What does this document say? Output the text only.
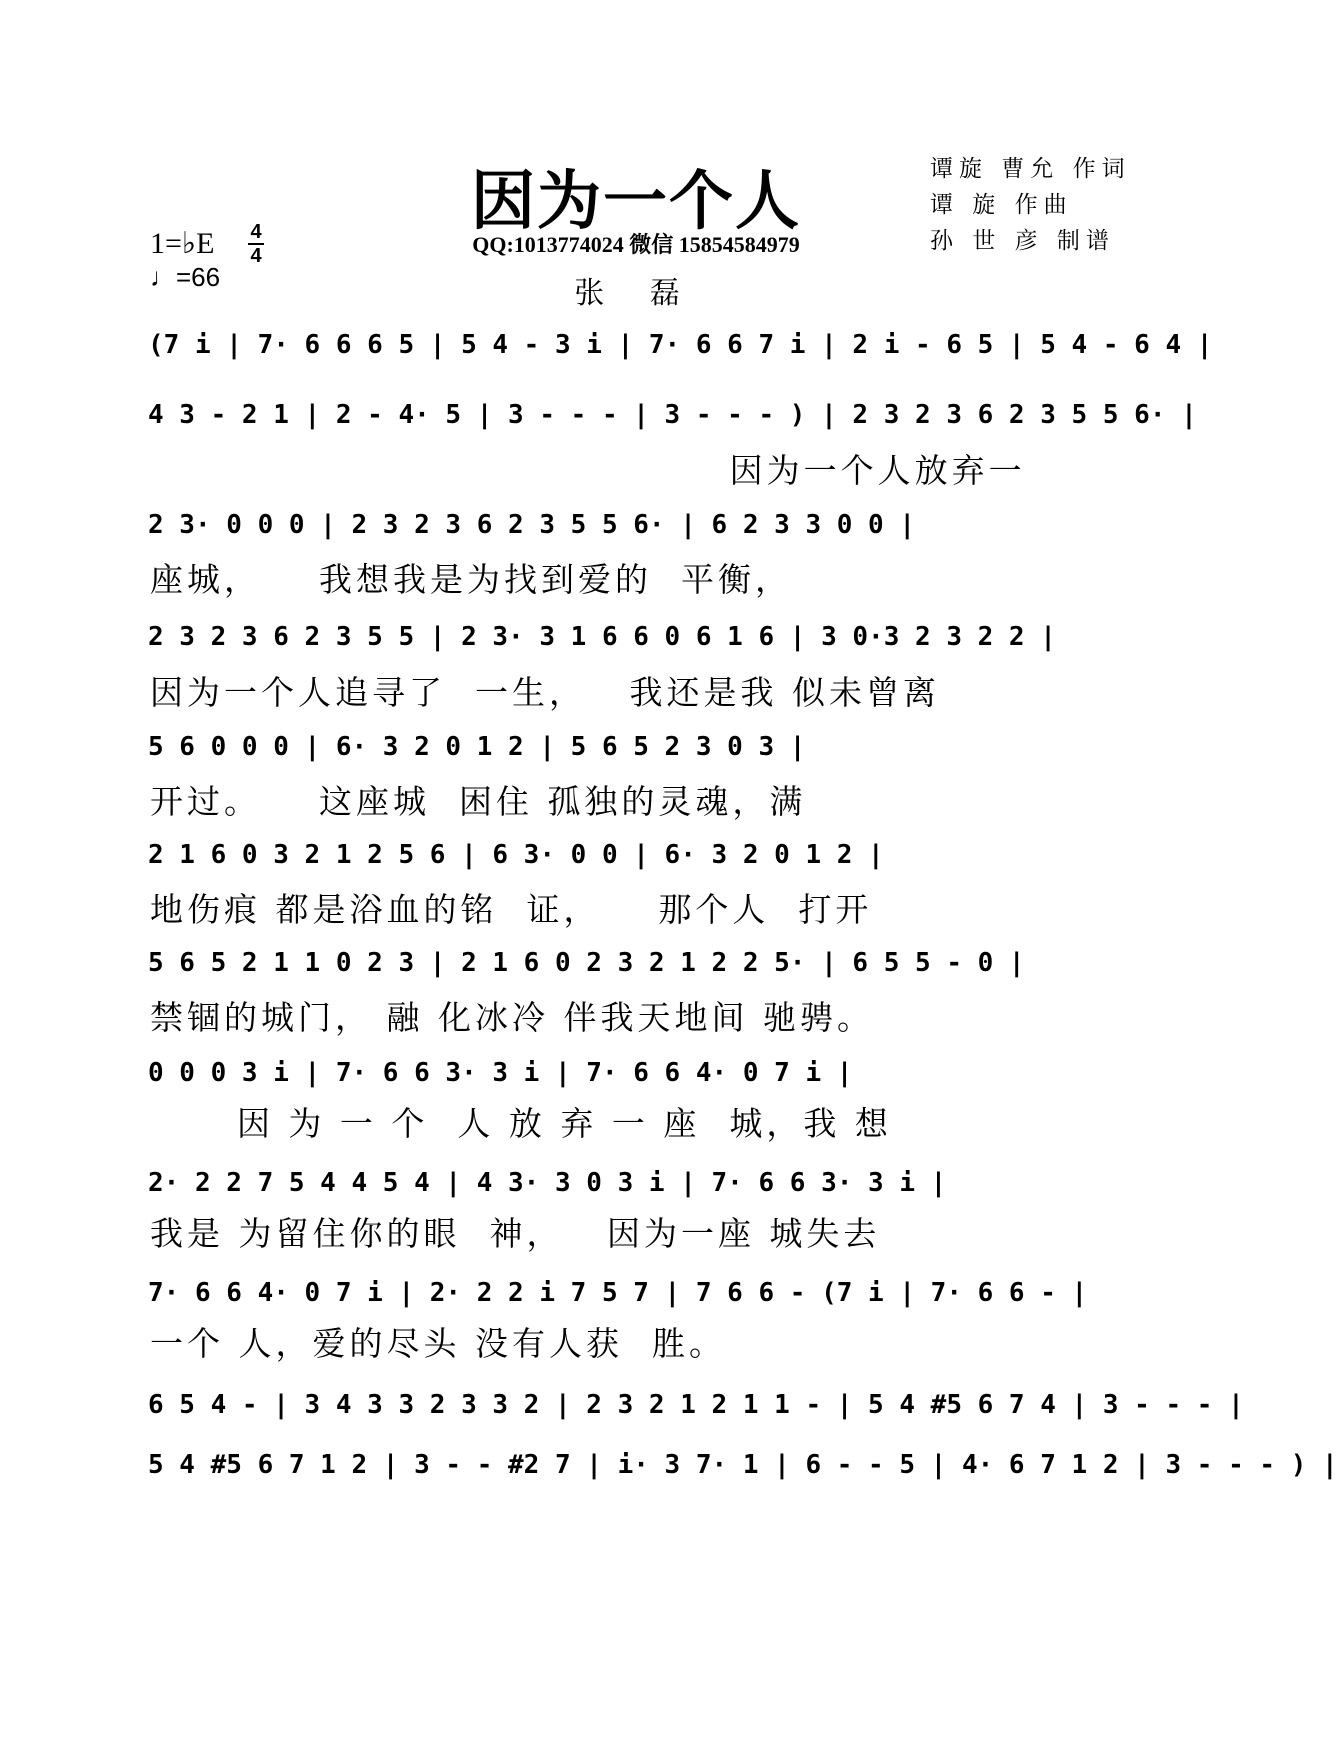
因为一个人
QQ:1013774024 微信 15854584979
张 磊
谭旋 曹允 作词
谭 旋 作曲
孙 世 彦 制谱
1=♭E 4
4
♩=66
(7 i | 7· 6 6 6 5 | 5 4 - 3 i | 7· 6 6 7 i | 2 i - 6 5 | 5 4 - 6 4 |
4 3 - 2 1 | 2 - 4· 5 | 3 - - - | 3 - - - ) | 2 3 2 3 6 2 3 5 5 6· |
因为一个人放弃一
2 3· 0 0 0 | 2 3 2 3 6 2 3 5 5 6· | 6 2 3 3 0 0 |
座城，    我想我是为找到爱的  平衡，
2 3 2 3 6 2 3 5 5 | 2 3· 3 1 6 6 0 6 1 6 | 3 0·3 2 3 2 2 |
因为一个人追寻了  一生，   我还是我 似未曾离
5 6 0 0 0 | 6· 3 2 0 1 2 | 5 6 5 2 3 0 3 |
开过。    这座城  困住 孤独的灵魂，满
2 1 6 0 3 2 1 2 5 6 | 6 3· 0 0 | 6· 3 2 0 1 2 |
地伤痕 都是浴血的铭  证，    那个人  打开
5 6 5 2 1 1 0 2 3 | 2 1 6 0 2 3 2 1 2 2 5· | 6 5 5 - 0 |
禁锢的城门， 融 化冰冷 伴我天地间 驰骋。
0 0 0 3 i | 7· 6 6 3· 3 i | 7· 6 6 4· 0 7 i |
因 为 一 个  人 放 弃 一 座  城，我 想
2· 2 2 7 5 4 4 5 4 | 4 3· 3 0 3 i | 7· 6 6 3· 3 i |
我是 为留住你的眼  神，   因为一座 城失去
7· 6 6 4· 0 7 i | 2· 2 2 i 7 5 7 | 7 6 6 - (7 i | 7· 6 6 - |
一个 人，爱的尽头 没有人获  胜。
6 5 4 - | 3 4 3 3 2 3 3 2 | 2 3 2 1 2 1 1 - | 5 4 #5 6 7 4 | 3 - - - |
5 4 #5 6 7 1 2 | 3 - - #2 7 | i· 3 7· 1 | 6 - - 5 | 4· 6 7 1 2 | 3 - - - ) |
